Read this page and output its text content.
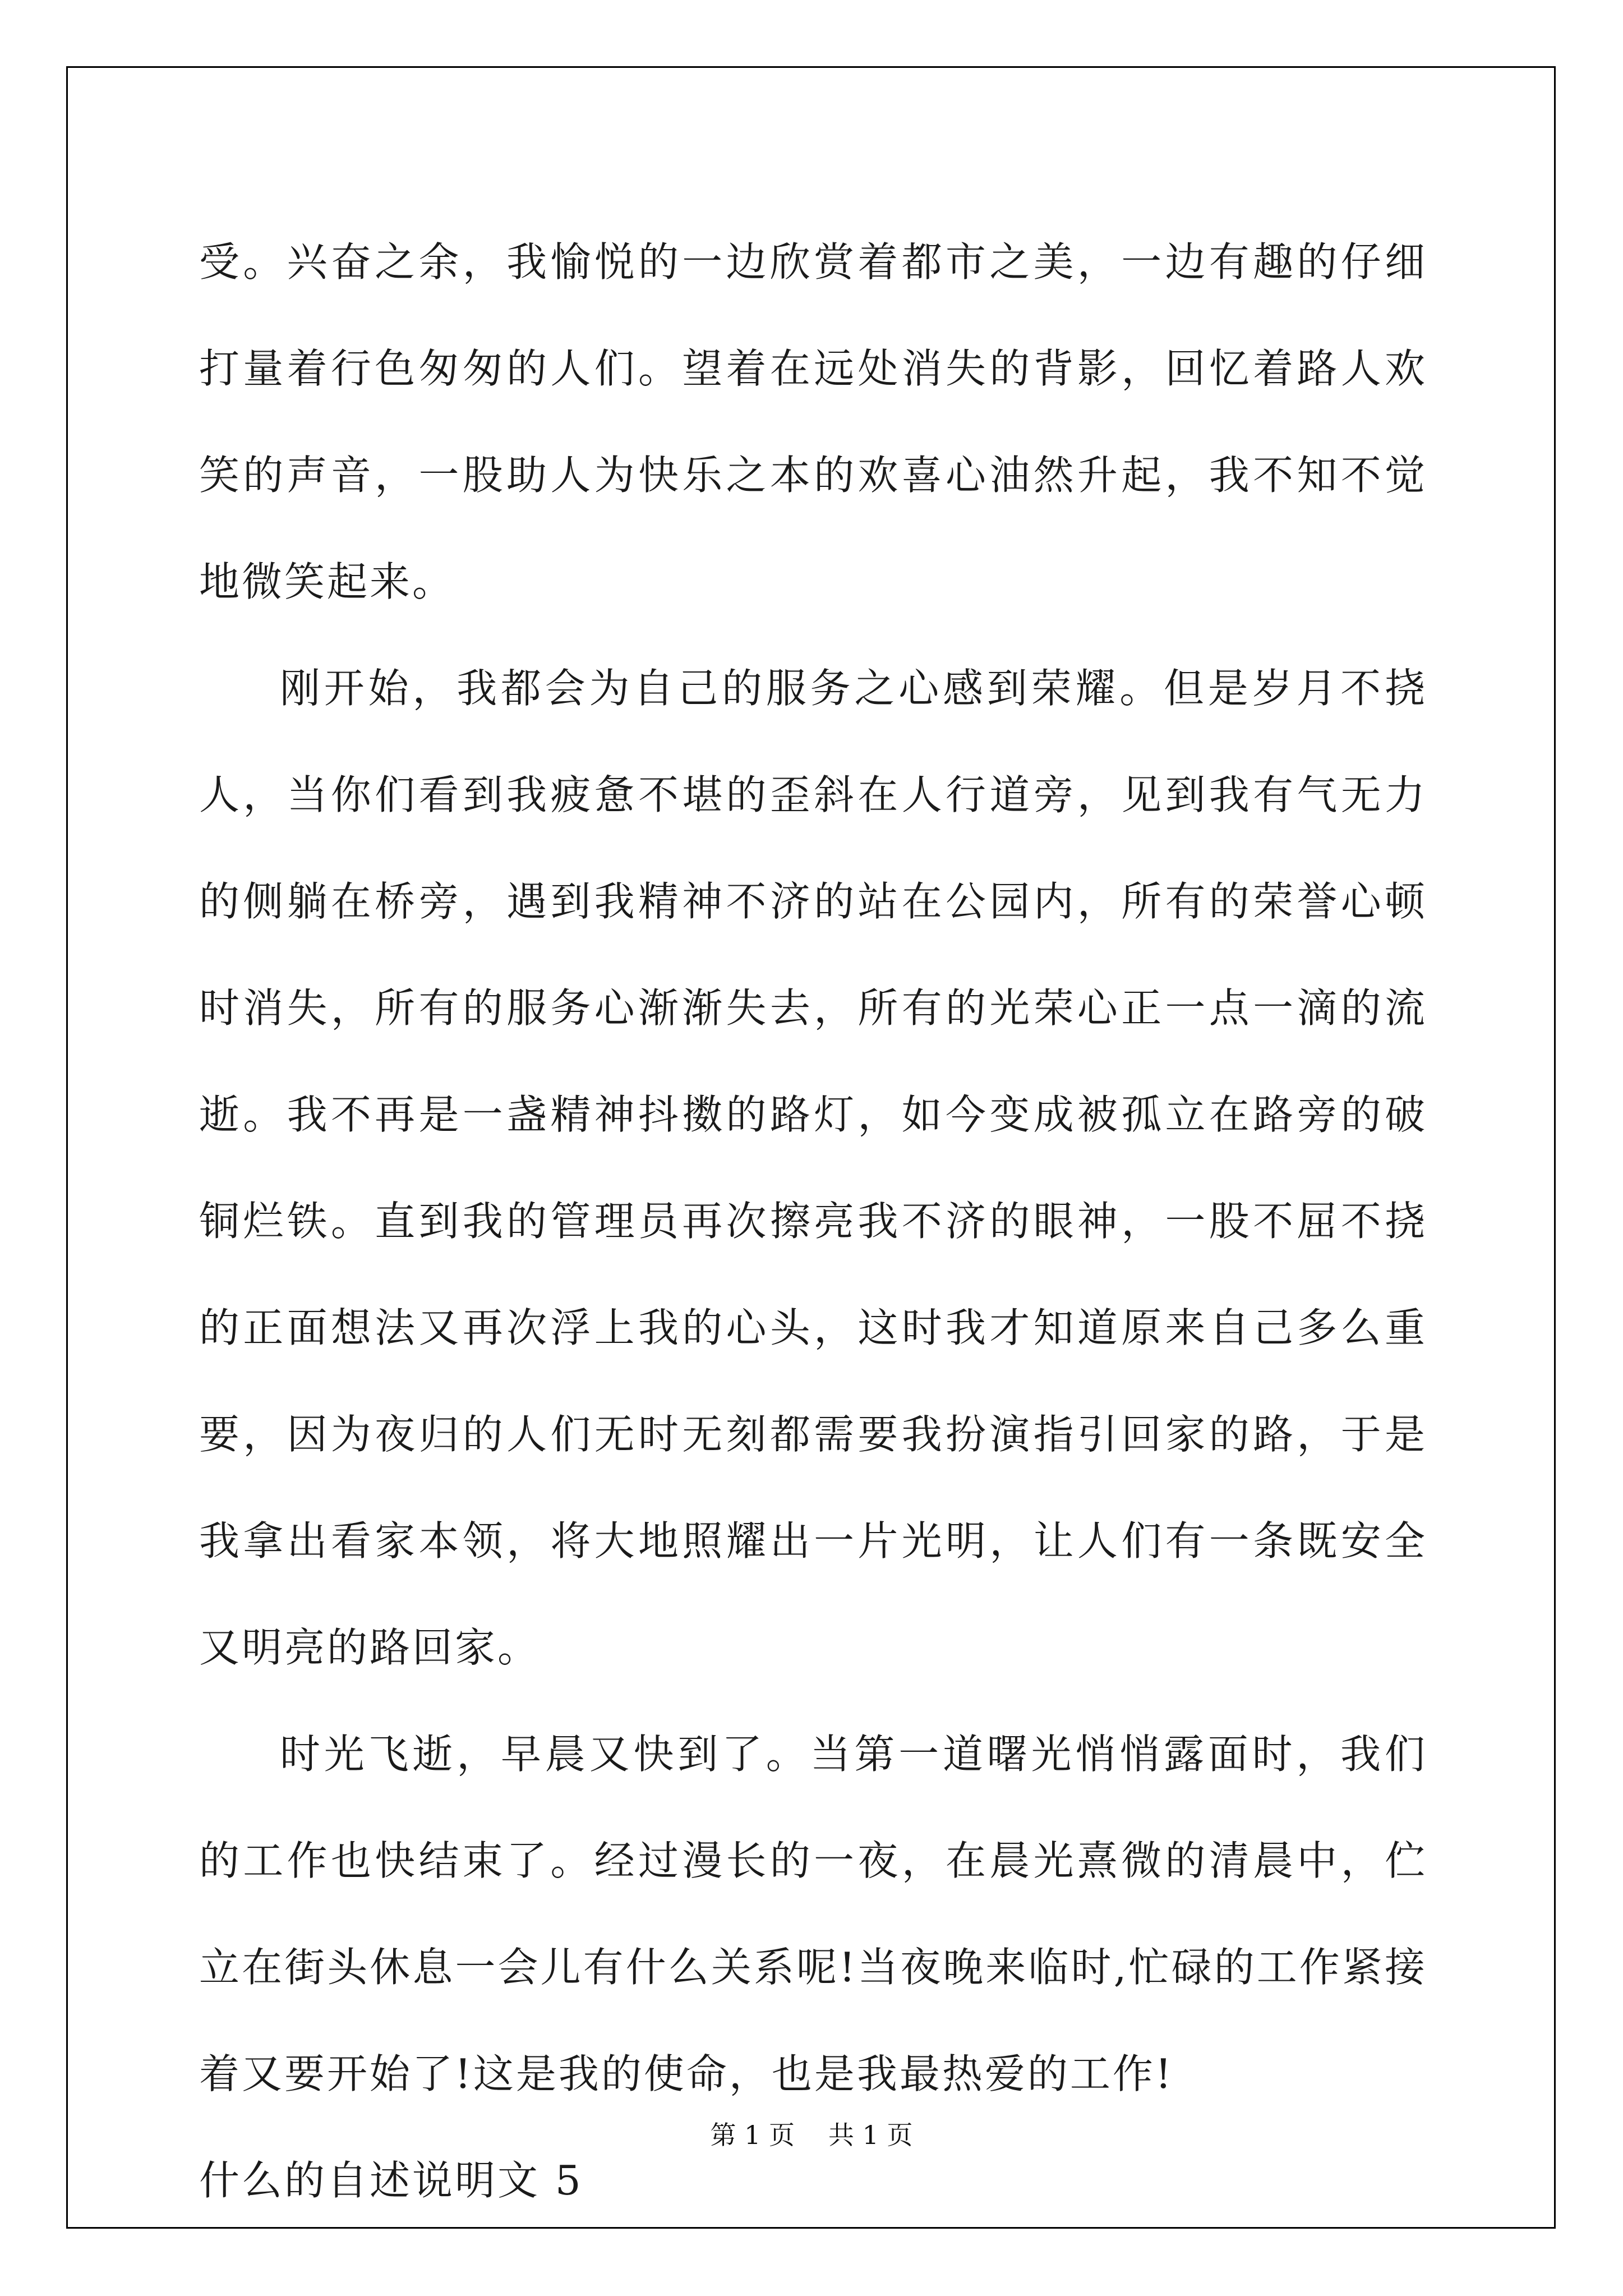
受。兴奋之余，我愉悦的一边欣赏着都市之美，一边有趣的仔细打量着行色匆匆的人们。望着在远处消失的背影，回忆着路人欢笑的声音，一股助人为快乐之本的欢喜心油然升起，我不知不觉地微笑起来。

刚开始，我都会为自己的服务之心感到荣耀。但是岁月不挠人，当你们看到我疲惫不堪的歪斜在人行道旁，见到我有气无力的侧躺在桥旁，遇到我精神不济的站在公园内，所有的荣誉心顿时消失，所有的服务心渐渐失去，所有的光荣心正一点一滴的流逝。我不再是一盏精神抖擞的路灯，如今变成被孤立在路旁的破铜烂铁。直到我的管理员再次擦亮我不济的眼神，一股不屈不挠的正面想法又再次浮上我的心头，这时我才知道原来自己多么重要，因为夜归的人们无时无刻都需要我扮演指引回家的路，于是我拿出看家本领，将大地照耀出一片光明，让人们有一条既安全又明亮的路回家。

时光飞逝，早晨又快到了。当第一道曙光悄悄露面时，我们的工作也快结束了。经过漫长的一夜，在晨光熹微的清晨中，伫立在街头休息一会儿有什么关系呢!当夜晚来临时,忙碌的工作紧接着又要开始了!这是我的使命，也是我最热爱的工作!

什么的自述说明文 5

第 1 页 共 1 页
